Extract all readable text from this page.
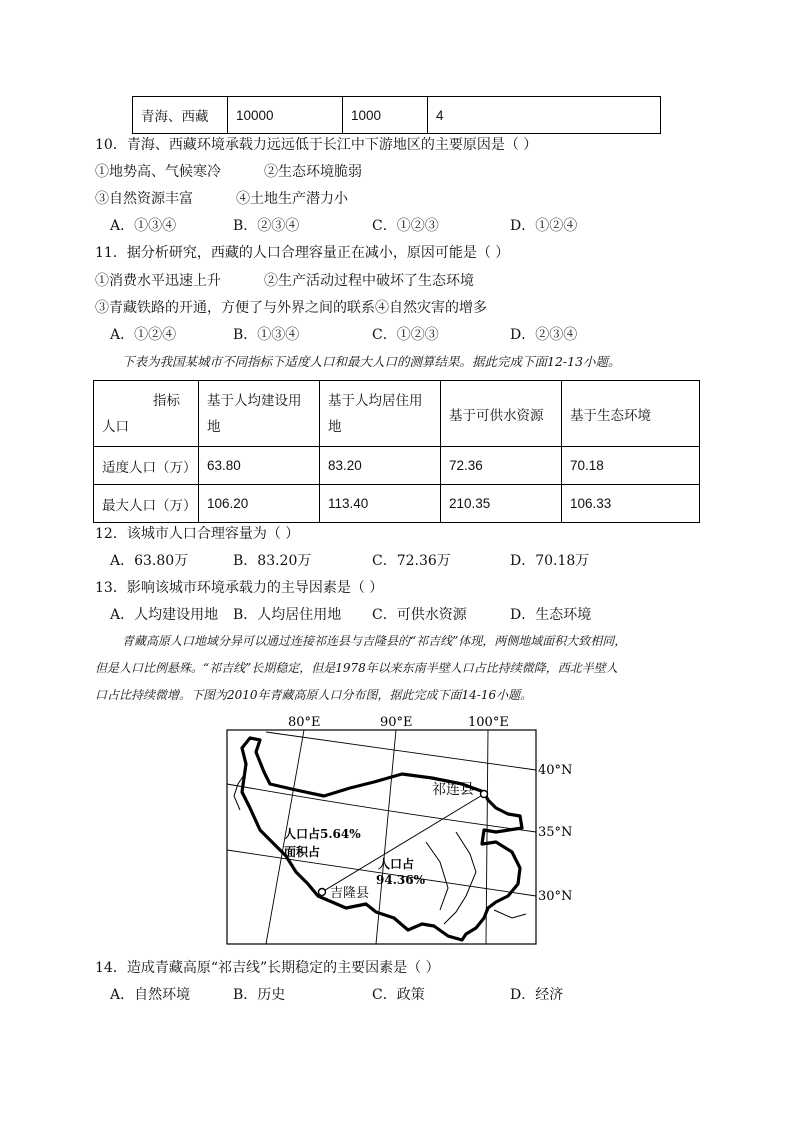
青海、西藏	10000	1000	4
10．青海、西藏环境承载力远远低于长江中下游地区的主要原因是（ ）
①地势高、气候寒冷	②生态环境脆弱
③自然资源丰富	④土地生产潜力小
A．①③④	B．②③④	C．①②③	D．①②④
11．据分析研究，西藏的人口合理容量正在减小，原因可能是（ ）
①消费水平迅速上升	②生产活动过程中破坏了生态环境
③青藏铁路的开通，方便了与外界之间的联系④自然灾害的增多
A．①②④	B．①③④	C．①②③	D．②③④
下表为我国某城市不同指标下适度人口和最大人口的测算结果。据此完成下面12-13小题。
指标
人口	基于人均建设用地	基于人均居住用地	基于可供水资源	基于生态环境
适度人口（万）	63.80	83.20	72.36	70.18
最大人口（万）	106.20	113.40	210.35	106.33
12．该城市人口合理容量为（ ）
A．63.80万	B．83.20万	C．72.36万	D．70.18万
13．影响该城市环境承载力的主导因素是（ ）
A．人均建设用地 B．人均居住用地 C．可供水资源	D．生态环境
青藏高原人口地域分异可以通过连接祁连县与吉隆县的“祁吉线”体现，两侧地域面积大致相同，
但是人口比例悬殊。“祁吉线”长期稳定，但是1978年以来东南半壁人口占比持续微降，西北半壁人
口占比持续微增。下图为2010年青藏高原人口分布图，据此完成下面14-16小题。
80°E	90°E	100°E
40°N
35°N
30°N
祁连县
吉隆县
人口占5.64%
面积占
人口占
94.36%
14．造成青藏高原“祁吉线”长期稳定的主要因素是（ ）
A．自然环境	B．历史	C．政策	D．经济
